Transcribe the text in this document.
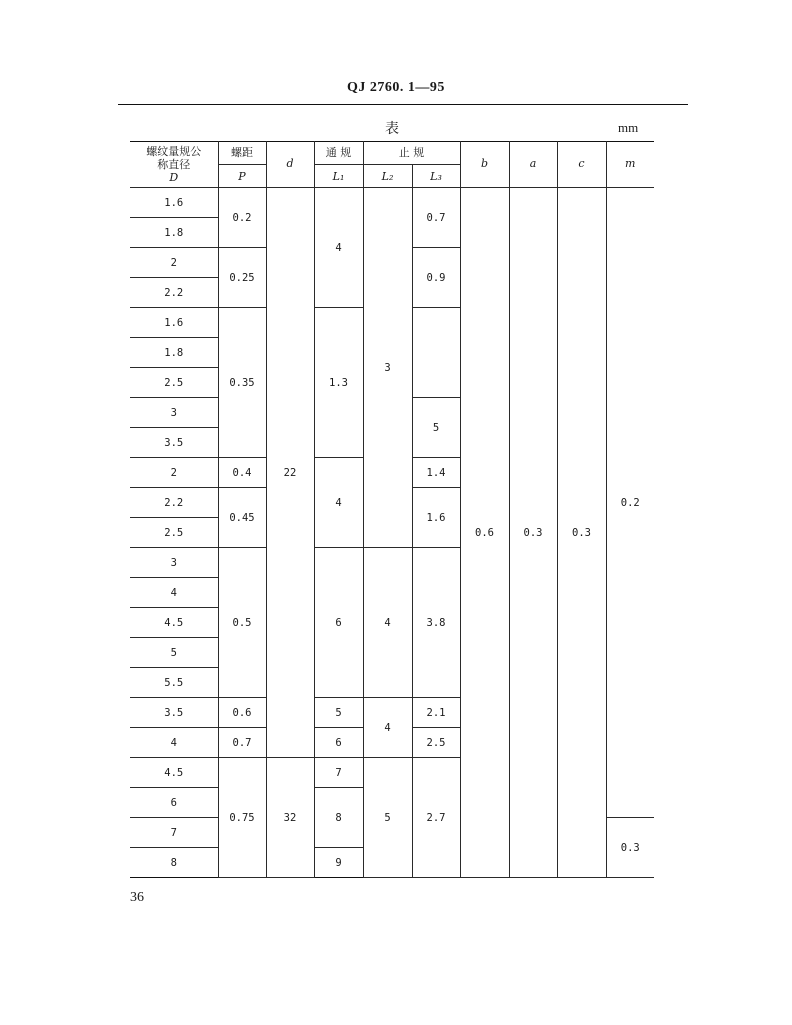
QJ 2760. 1—95
表	mm
螺纹量规公称直径
D	螺距	d	通 规	止 规		b	a	c	m
	P		L₁	L₂	L₃				
1.6	0.2	22	4	3	0.7	0.6	0.3	0.3	0.2
1.8									
2	0.25				0.9				
2.2									
1.6	0.35		1.3						
1.8									
2.5									
3					5				
3.5									
2	0.4		4		1.4				
2.2	0.45				1.6				
2.5									
3	0.5		6	4	3.8				
4									
4.5									
5									
5.5									
3.5	0.6		5	4	2.1				
4	0.7		6		2.5				
4.5	0.75	32	7	5	2.7				
6			8						
7									0.3
8			9						
36
